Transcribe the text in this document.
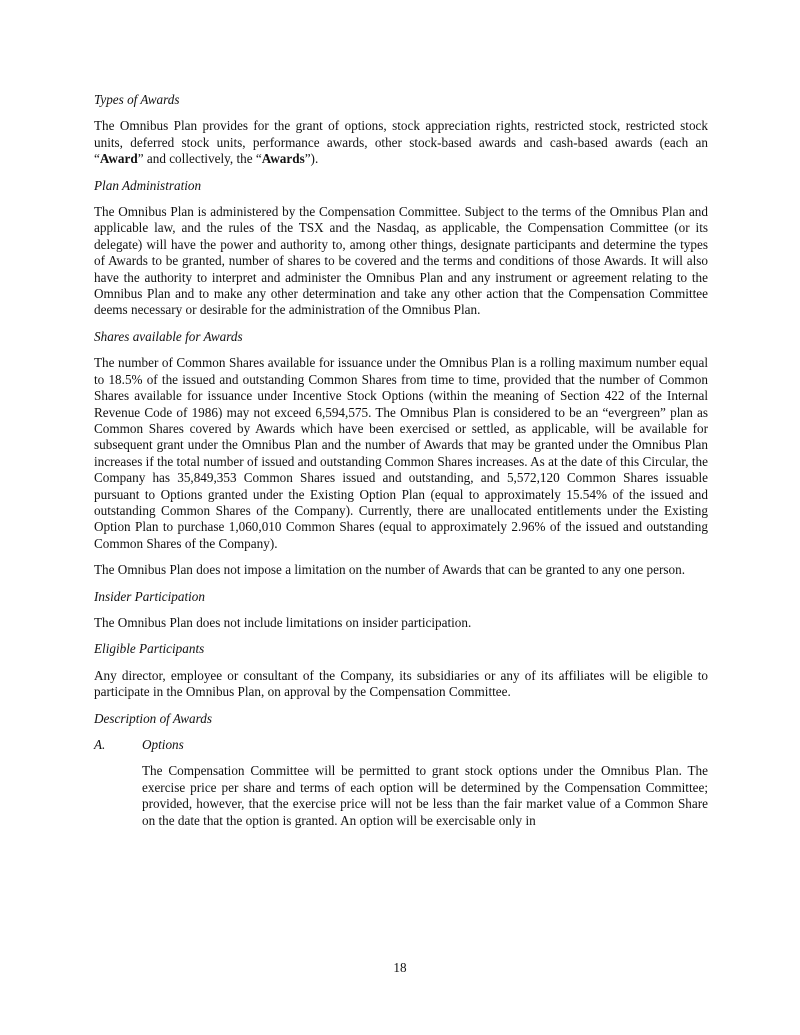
Types of Awards

The Omnibus Plan provides for the grant of options, stock appreciation rights, restricted stock, restricted stock units, deferred stock units, performance awards, other stock-based awards and cash-based awards (each an “Award” and collectively, the “Awards”).

Plan Administration

The Omnibus Plan is administered by the Compensation Committee. Subject to the terms of the Omnibus Plan and applicable law, and the rules of the TSX and the Nasdaq, as applicable, the Compensation Committee (or its delegate) will have the power and authority to, among other things, designate participants and determine the types of Awards to be granted, number of shares to be covered and the terms and conditions of those Awards. It will also have the authority to interpret and administer the Omnibus Plan and any instrument or agreement relating to the Omnibus Plan and to make any other determination and take any other action that the Compensation Committee deems necessary or desirable for the administration of the Omnibus Plan.

Shares available for Awards

The number of Common Shares available for issuance under the Omnibus Plan is a rolling maximum number equal to 18.5% of the issued and outstanding Common Shares from time to time, provided that the number of Common Shares available for issuance under Incentive Stock Options (within the meaning of Section 422 of the Internal Revenue Code of 1986) may not exceed 6,594,575. The Omnibus Plan is considered to be an “evergreen” plan as Common Shares covered by Awards which have been exercised or settled, as applicable, will be available for subsequent grant under the Omnibus Plan and the number of Awards that may be granted under the Omnibus Plan increases if the total number of issued and outstanding Common Shares increases. As at the date of this Circular, the Company has 35,849,353 Common Shares issued and outstanding, and 5,572,120 Common Shares issuable pursuant to Options granted under the Existing Option Plan (equal to approximately 15.54% of the issued and outstanding Common Shares of the Company). Currently, there are unallocated entitlements under the Existing Option Plan to purchase 1,060,010 Common Shares (equal to approximately 2.96% of the issued and outstanding Common Shares of the Company).

The Omnibus Plan does not impose a limitation on the number of Awards that can be granted to any one person.

Insider Participation

The Omnibus Plan does not include limitations on insider participation.

Eligible Participants

Any director, employee or consultant of the Company, its subsidiaries or any of its affiliates will be eligible to participate in the Omnibus Plan, on approval by the Compensation Committee.

Description of Awards

A.	Options

The Compensation Committee will be permitted to grant stock options under the Omnibus Plan. The exercise price per share and terms of each option will be determined by the Compensation Committee; provided, however, that the exercise price will not be less than the fair market value of a Common Share on the date that the option is granted. An option will be exercisable only in

18
